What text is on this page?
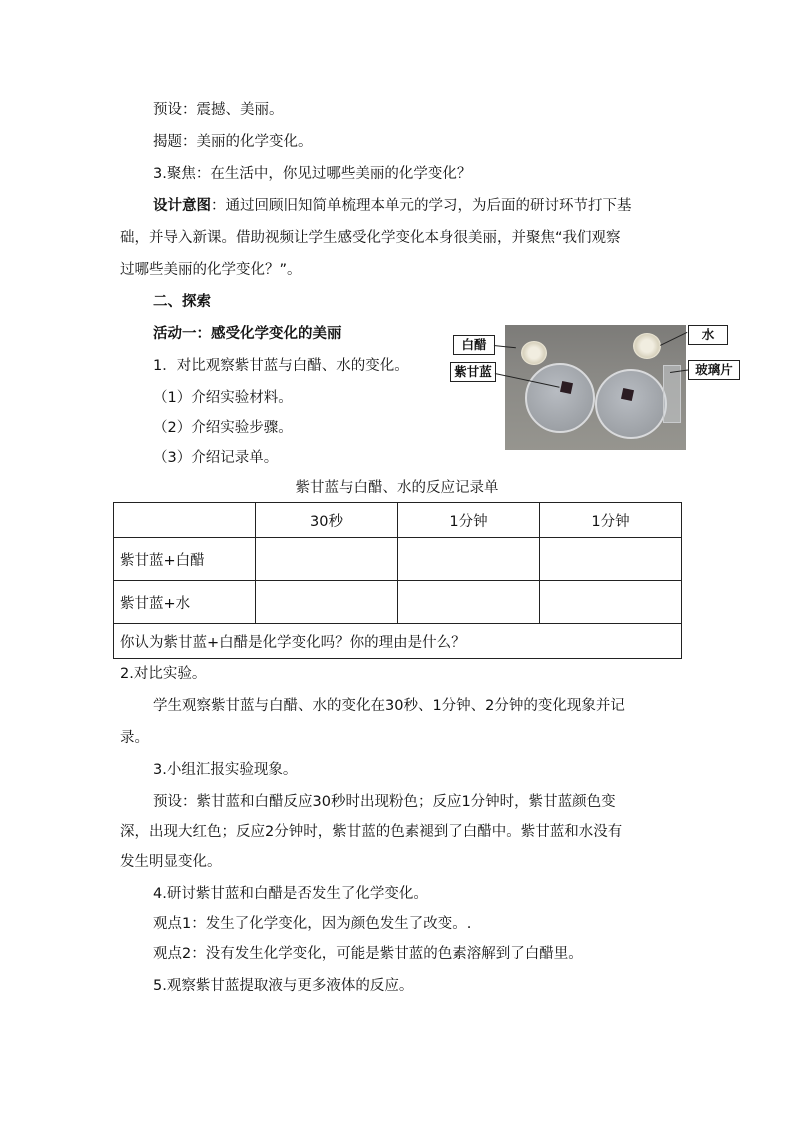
预设：震撼、美丽。
揭题：美丽的化学变化。
3.聚焦：在生活中，你见过哪些美丽的化学变化？
设计意图：通过回顾旧知简单梳理本单元的学习，为后面的研讨环节打下基
础，并导入新课。借助视频让学生感受化学变化本身很美丽，并聚焦“我们观察
过哪些美丽的化学变化？”。
二、探索
活动一：感受化学变化的美丽
1．对比观察紫甘蓝与白醋、水的变化。
（1）介绍实验材料。
（2）介绍实验步骤。
（3）介绍记录单。
白醋
水
紫甘蓝	玻璃片
紫甘蓝与白醋、水的反应记录单
	30秒	1分钟	1分钟
紫甘蓝+白醋			
紫甘蓝+水			
你认为紫甘蓝+白醋是化学变化吗？你的理由是什么？			
2.对比实验。
学生观察紫甘蓝与白醋、水的变化在30秒、1分钟、2分钟的变化现象并记
录。
3.小组汇报实验现象。
预设：紫甘蓝和白醋反应30秒时出现粉色；反应1分钟时，紫甘蓝颜色变
深，出现大红色；反应2分钟时，紫甘蓝的色素褪到了白醋中。紫甘蓝和水没有
发生明显变化。
4.研讨紫甘蓝和白醋是否发生了化学变化。
观点1：发生了化学变化，因为颜色发生了改变。.
观点2：没有发生化学变化，可能是紫甘蓝的色素溶解到了白醋里。
5.观察紫甘蓝提取液与更多液体的反应。
